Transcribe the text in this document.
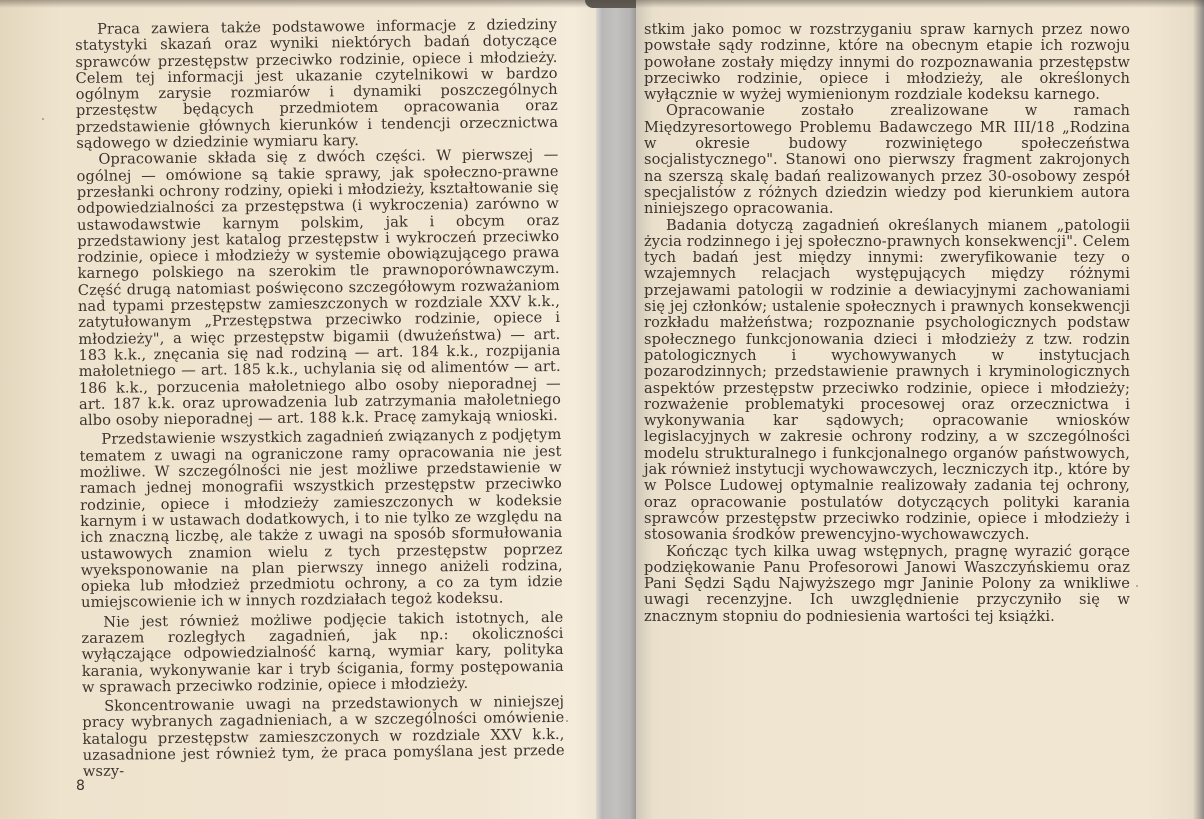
Praca zawiera także podstawowe informacje z dziedziny statystyki skazań oraz wyniki niektórych badań dotyczące sprawców przestępstw przeciwko rodzinie, opiece i młodzieży. Celem tej informacji jest ukazanie czytelnikowi w bardzo ogólnym zarysie rozmiarów i dynamiki poszczególnych przestęstw będących przedmiotem opracowania oraz przedstawienie głównych kierunków i tendencji orzecznictwa sądowego w dziedzinie wymiaru kary.

Opracowanie składa się z dwóch części. W pierwszej — ogólnej — omówione są takie sprawy, jak społeczno-prawne przesłanki ochrony rodziny, opieki i młodzieży, kształtowanie się odpowiedzialności za przestępstwa (i wykroczenia) zarówno w ustawodawstwie karnym polskim, jak i obcym oraz przedstawiony jest katalog przestępstw i wykroczeń przeciwko rodzinie, opiece i młodzieży w systemie obowiązującego prawa karnego polskiego na szerokim tle prawnoporównawczym. Część drugą natomiast poświęcono szczegółowym rozważaniom nad typami przestępstw zamieszczonych w rozdziale XXV k.k., zatytułowanym „Przestępstwa przeciwko rodzinie, opiece i młodzieży", a więc przestępstw bigamii (dwużeństwa) — art. 183 k.k., znęcania się nad rodziną — art. 184 k.k., rozpijania małoletniego — art. 185 k.k., uchylania się od alimentów — art. 186 k.k., porzucenia małoletniego albo osoby nieporadnej — art. 187 k.k. oraz uprowadzenia lub zatrzymania małoletniego albo osoby nieporadnej — art. 188 k.k. Pracę zamykają wnioski.

Przedstawienie wszystkich zagadnień związanych z podjętym tematem z uwagi na ograniczone ramy opracowania nie jest możliwe. W szczególności nie jest możliwe przedstawienie w ramach jednej monografii wszystkich przestępstw przeciwko rodzinie, opiece i młodzieży zamieszczonych w kodeksie karnym i w ustawach dodatkowych, i to nie tylko ze względu na ich znaczną liczbę, ale także z uwagi na sposób sformułowania ustawowych znamion wielu z tych przestępstw poprzez wyeksponowanie na plan pierwszy innego aniżeli rodzina, opieka lub młodzież przedmiotu ochrony, a co za tym idzie umiejscowienie ich w innych rozdziałach tegoż kodeksu.

Nie jest również możliwe podjęcie takich istotnych, ale zarazem rozległych zagadnień, jak np.: okoliczności wyłączające odpowiedzialność karną, wymiar kary, polityka karania, wykonywanie kar i tryb ścigania, formy postępowania w sprawach przeciwko rodzinie, opiece i młodzieży.

Skoncentrowanie uwagi na przedstawionych w niniejszej pracy wybranych zagadnieniach, a w szczególności omówienie katalogu przestępstw zamieszczonych w rozdziale XXV k.k., uzasadnione jest również tym, że praca pomyślana jest przede wszy-

8

stkim jako pomoc w rozstrzyganiu spraw karnych przez nowo powstałe sądy rodzinne, które na obecnym etapie ich rozwoju powołane zostały między innymi do rozpoznawania przestępstw przeciwko rodzinie, opiece i młodzieży, ale określonych wyłącznie w wyżej wymienionym rozdziale kodeksu karnego.

Opracowanie zostało zrealizowane w ramach Międzyresortowego Problemu Badawczego MR III/18 „Rodzina w okresie budowy rozwiniętego społeczeństwa socjalistycznego". Stanowi ono pierwszy fragment zakrojonych na szerszą skalę badań realizowanych przez 30-osobowy zespół specjalistów z różnych dziedzin wiedzy pod kierunkiem autora niniejszego opracowania.

Badania dotyczą zagadnień określanych mianem „patologii życia rodzinnego i jej społeczno-prawnych konsekwencji". Celem tych badań jest między innymi: zweryfikowanie tezy o wzajemnych relacjach występujących między różnymi przejawami patologii w rodzinie a dewiacyjnymi zachowaniami się jej członków; ustalenie społecznych i prawnych konsekwencji rozkładu małżeństwa; rozpoznanie psychologicznych podstaw społecznego funkcjonowania dzieci i młodzieży z tzw. rodzin patologicznych i wychowywanych w instytucjach pozarodzinnych; przedstawienie prawnych i kryminologicznych aspektów przestępstw przeciwko rodzinie, opiece i młodzieży; rozważenie problematyki procesowej oraz orzecznictwa i wykonywania kar sądowych; opracowanie wniosków legislacyjnych w zakresie ochrony rodziny, a w szczególności modelu strukturalnego i funkcjonalnego organów państwowych, jak również instytucji wychowawczych, leczniczych itp., które by w Polsce Ludowej optymalnie realizowały zadania tej ochrony, oraz opracowanie postulatów dotyczących polityki karania sprawców przestępstw przeciwko rodzinie, opiece i młodzieży i stosowania środków prewencyjno-wychowawczych.

Kończąc tych kilka uwag wstępnych, pragnę wyrazić gorące podziękowanie Panu Profesorowi Janowi Waszczyńskiemu oraz Pani Sędzi Sądu Najwyższego mgr Janinie Polony za wnikliwe uwagi recenzyjne. Ich uwzględnienie przyczyniło się w znacznym stopniu do podniesienia wartości tej książki.
